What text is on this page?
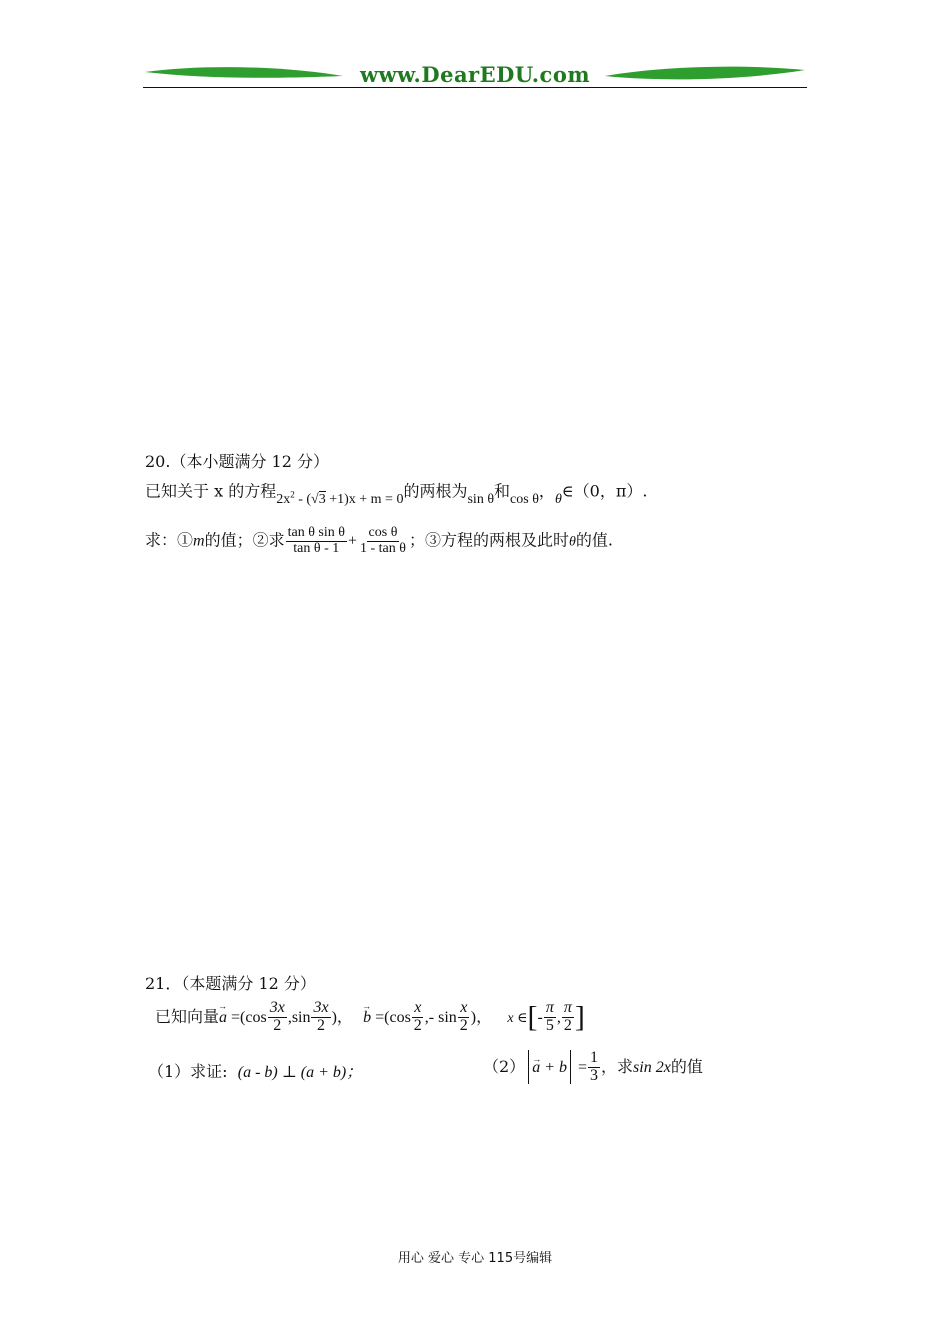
www.DearEDU.com
20.（本小题满分 12 分）
已知关于 x 的方程$2x^2 - (√3 +1)x + m = 0$的两根为sin θ和cos θ，θ∈（0，π）.
求：①m的值；②求 $\frac{\text{tan θ sin θ}}{\text{tan θ - 1}} + \frac{\text{cos θ}}{\text{1 - tan θ}}$ ；③方程的两根及此时θ的值.
21．（本题满分 12 分）
已知向量→ $a =(\cos \frac{3x}{2} ,\sin \frac{3x}{2}$ )， → $b =(\cos \frac{x}{2}$ ,- $\sin \frac{x}{2}$ )， x ∈[- $\frac{\pi}{5}$ , $\frac{\pi}{2}$ ]
（1）求证: (a - b) ⊥ (a + b)；	$(2) \to a + b = \frac{1}{3}$ ，求sin 2x的值
用心 爱心 专心 115号编辑
